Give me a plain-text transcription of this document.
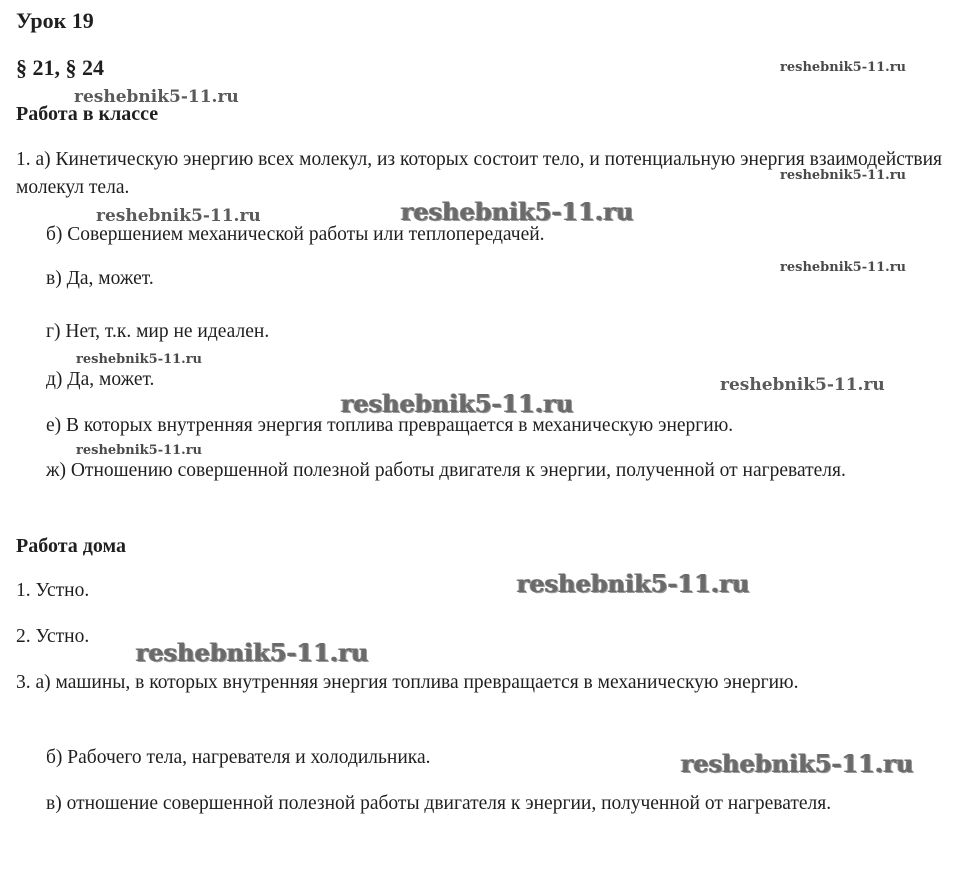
Урок 19
§ 21, § 24
Работа в классе
1. а) Кинетическую энергию всех молекул, из которых состоит тело, и потенциальную энергия взаимодействия молекул тела.
б) Совершением механической работы или теплопередачей.
в) Да, может.
г) Нет, т.к. мир не идеален.
д) Да, может.
е) В которых внутренняя энергия топлива превращается в механическую энергию.
ж) Отношению совершенной полезной работы двигателя к энергии, полученной от нагревателя.
Работа дома
1. Устно.
2. Устно.
3. а) машины, в которых внутренняя энергия топлива превращается в механическую энергию.
б) Рабочего тела, нагревателя и холодильника.
в) отношение совершенной полезной работы двигателя к энергии, полученной от нагревателя.
reshebnik5-11.ru
reshebnik5-11.ru
reshebnik5-11.ru
reshebnik5-11.ru	reshebnik5-11.ru
reshebnik5-11.ru
reshebnik5-11.ru
reshebnik5-11.ru
reshebnik5-11.ru
reshebnik5-11.ru
reshebnik5-11.ru
reshebnik5-11.ru
reshebnik5-11.ru
